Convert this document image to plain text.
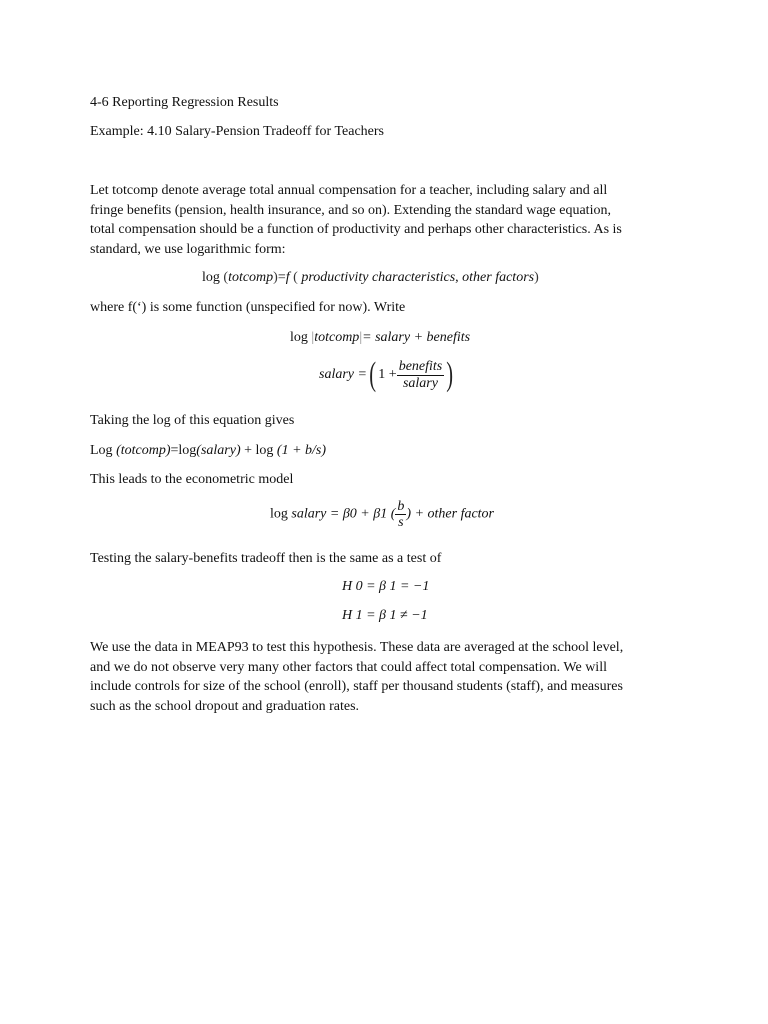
4-6 Reporting Regression Results
Example: 4.10 Salary-Pension Tradeoff for Teachers
Let totcomp denote average total annual compensation for a teacher, including salary and all
fringe benefits (pension, health insurance, and so on). Extending the standard wage equation,
total compensation should be a function of productivity and perhaps other characteristics. As is
standard, we use logarithmic form:
log (totcomp)=f ( productivity characteristics, other factors)
where f(‘) is some function (unspecified for now). Write
log |totcomp|= salary + benefits
salary =( $1 + \frac{\text{benefits}}{\text{salary}}$ )
Taking the log of this equation gives
Log (totcomp)=log(salary) + log (1 + b/s)
This leads to the econometric model
log salary = β0 + β1 ( $\frac{b}{s}$ ) + other factor
Testing the salary-benefits tradeoff then is the same as a test of
H 0 = β 1 = −1
H 1 = β 1 ≠ −1
We use the data in MEAP93 to test this hypothesis. These data are averaged at the school level,
and we do not observe very many other factors that could affect total compensation. We will
include controls for size of the school (enroll), staff per thousand students (staff), and measures
such as the school dropout and graduation rates.
